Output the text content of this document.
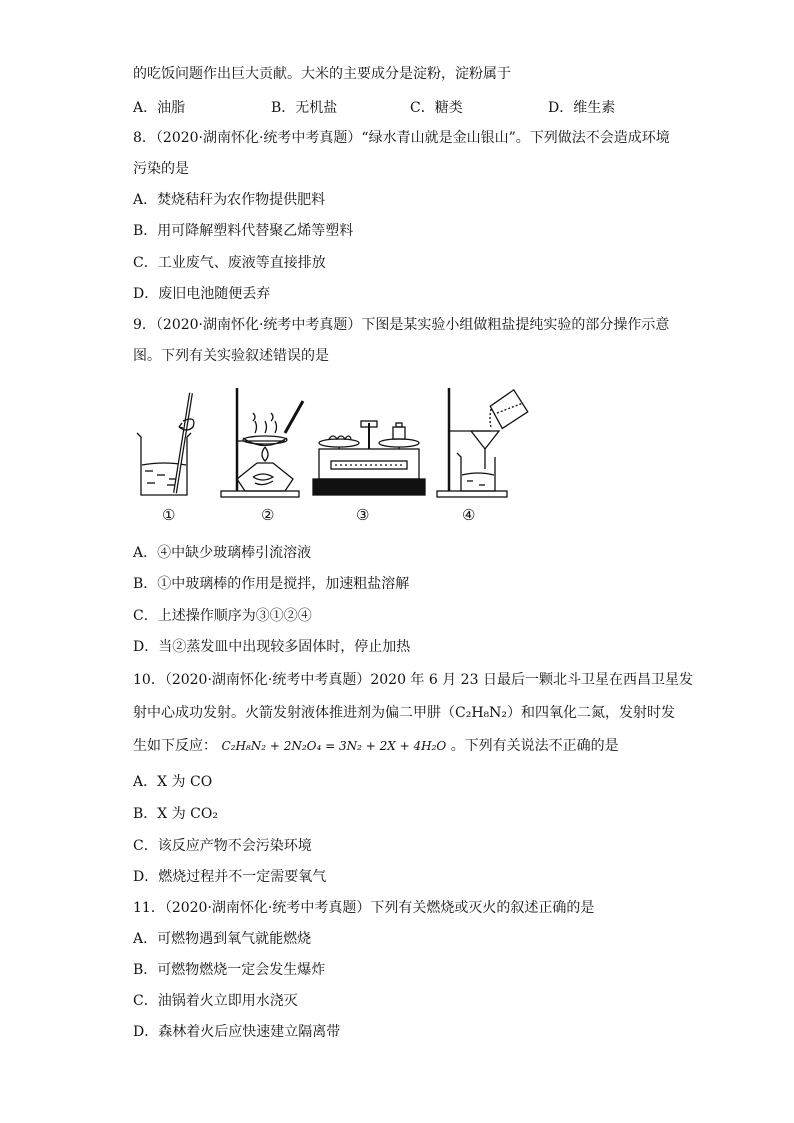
的吃饭问题作出巨大贡献。大米的主要成分是淀粉，淀粉属于
A．油脂	B．无机盐	C．糖类	D．维生素
8．（2020·湖南怀化·统考中考真题）“绿水青山就是金山银山”。下列做法不会造成环境
污染的是
A．焚烧秸秆为农作物提供肥料
B．用可降解塑料代替聚乙烯等塑料
C．工业废气、废液等直接排放
D．废旧电池随便丢弃
9．（2020·湖南怀化·统考中考真题）下图是某实验小组做粗盐提纯实验的部分操作示意
图。下列有关实验叙述错误的是
①	②	③	④
A．④中缺少玻璃棒引流溶液
B．①中玻璃棒的作用是搅拌，加速粗盐溶解
C．上述操作顺序为③①②④
D．当②蒸发皿中出现较多固体时，停止加热
10．（2020·湖南怀化·统考中考真题）2020 年 6 月 23 日最后一颗北斗卫星在西昌卫星发
射中心成功发射。火箭发射液体推进剂为偏二甲肼（C₂H₈N₂）和四氧化二氮，发射时发
生如下反应： C₂H₈N₂ + 2N₂O₄ = 3N₂ + 2X + 4H₂O 。下列有关说法不正确的是
A．X 为 CO
B．X 为 CO₂
C．该反应产物不会污染环境
D．燃烧过程并不一定需要氧气
11．（2020·湖南怀化·统考中考真题）下列有关燃烧或灭火的叙述正确的是
A．可燃物遇到氧气就能燃烧
B．可燃物燃烧一定会发生爆炸
C．油锅着火立即用水浇灭
D．森林着火后应快速建立隔离带
